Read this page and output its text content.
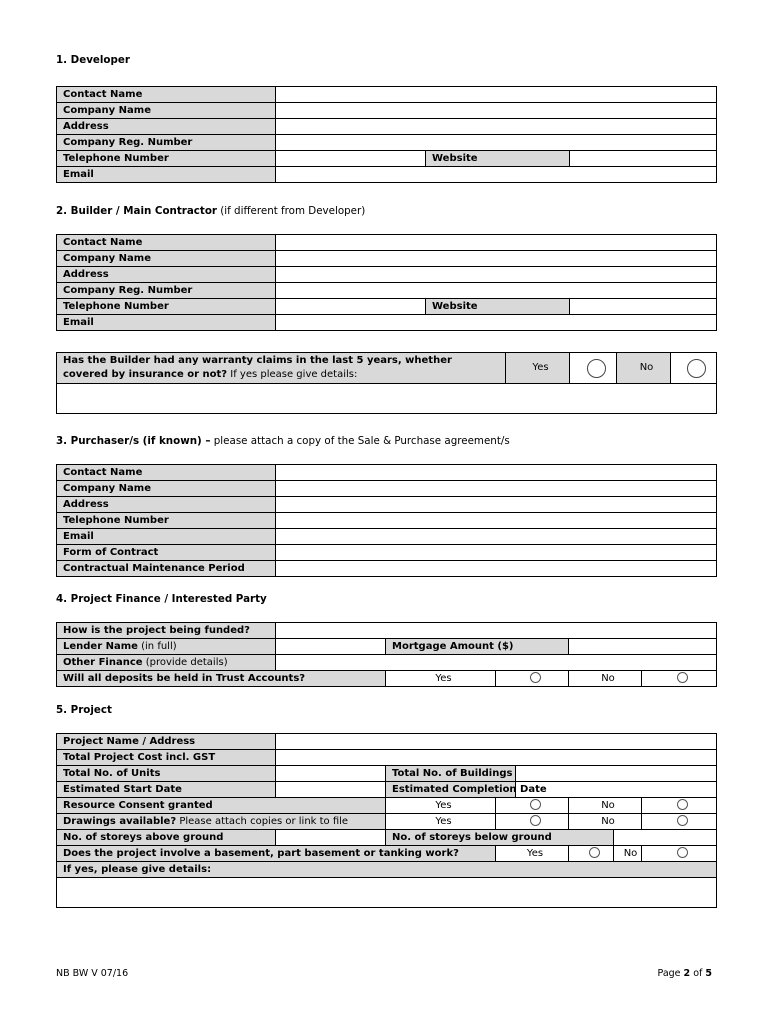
1. Developer
Contact Name			
Company Name			
Address			
Company Reg. Number			
Telephone Number		Website	
Email			
2. Builder / Main Contractor (if different from Developer)
Contact Name			
Company Name			
Address			
Company Reg. Number			
Telephone Number		Website	
Email			
Has the Builder had any warranty claims in the last 5 years, whether
covered by insurance or not? If yes please give details:	Yes		No	

3. Purchaser/s (if known) – please attach a copy of the Sale & Purchase agreement/s
Contact Name	
Company Name	
Address	
Telephone Number	
Email	
Form of Contract	
Contractual Maintenance Period	
4. Project Finance / Interested Party
How is the project being funded?					
Lender Name (in full)		Mortgage Amount ($)			
Other Finance (provide details)					
Will all deposits be held in Trust Accounts?		Yes		No	
5. Project
Project Name / Address							
Total Project Cost incl. GST							
Total No. of Units		Total No. of Buildings					
Estimated Start Date		Estimated Completion Date					
Resource Consent granted		Yes			No		
Drawings available? Please attach copies or link to file		Yes			No		
No. of storeys above ground		No. of storeys below ground					
Does the project involve a basement, part basement or tanking work?			Yes			No	
If yes, please give details:							

NB BW V 07/16	Page 2 of 5
